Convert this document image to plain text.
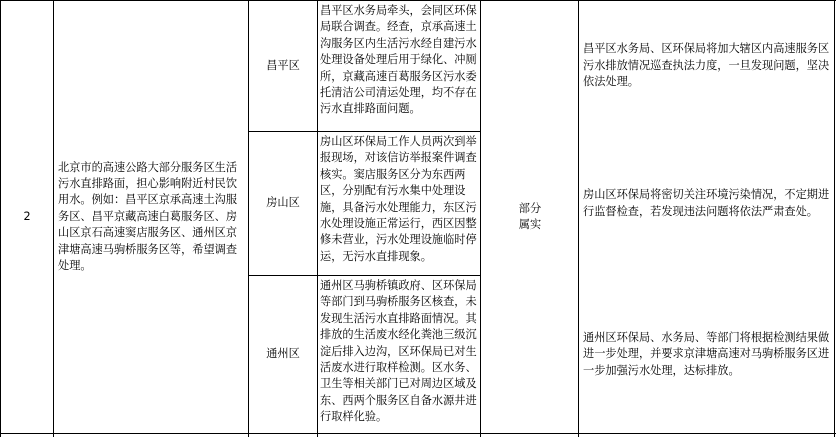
2
北京市的高速公路大部分服务区生活污水直排路面，担心影响附近村民饮用水。例如：昌平区京承高速土沟服务区、昌平京藏高速白葛服务区、房山区京石高速窦店服务区、通州区京津塘高速马驹桥服务区等，希望调查处理。
昌平区
房山区
通州区
昌平区水务局牵头，会同区环保局联合调查。经查，京承高速土沟服务区内生活污水经自建污水处理设备处理后用于绿化、冲厕所，京藏高速百葛服务区污水委托清洁公司清运处理，均不存在污水直排路面问题。
房山区环保局工作人员两次到举报现场，对该信访举报案件调查核实。窦店服务区分为东西两区，分别配有污水集中处理设施，具备污水处理能力，东区污水处理设施正常运行，西区因整修未营业，污水处理设施临时停运，无污水直排现象。
通州区马驹桥镇政府、区环保局等部门到马驹桥服务区核查，未发现生活污水直排路面情况。其排放的生活废水经化粪池三级沉淀后排入边沟，区环保局已对生活废水进行取样检测。区水务、卫生等相关部门已对周边区域及东、西两个服务区自备水源井进行取样化验。
部分属实
昌平区水务局、区环保局将加大辖区内高速服务区污水排放情况巡查执法力度，一旦发现问题，坚决依法处理。
房山区环保局将密切关注环境污染情况，不定期进行监督检查，若发现违法问题将依法严肃查处。
通州区环保局、水务局、等部门将根据检测结果做进一步处理，并要求京津塘高速对马驹桥服务区进一步加强污水处理，达标排放。
